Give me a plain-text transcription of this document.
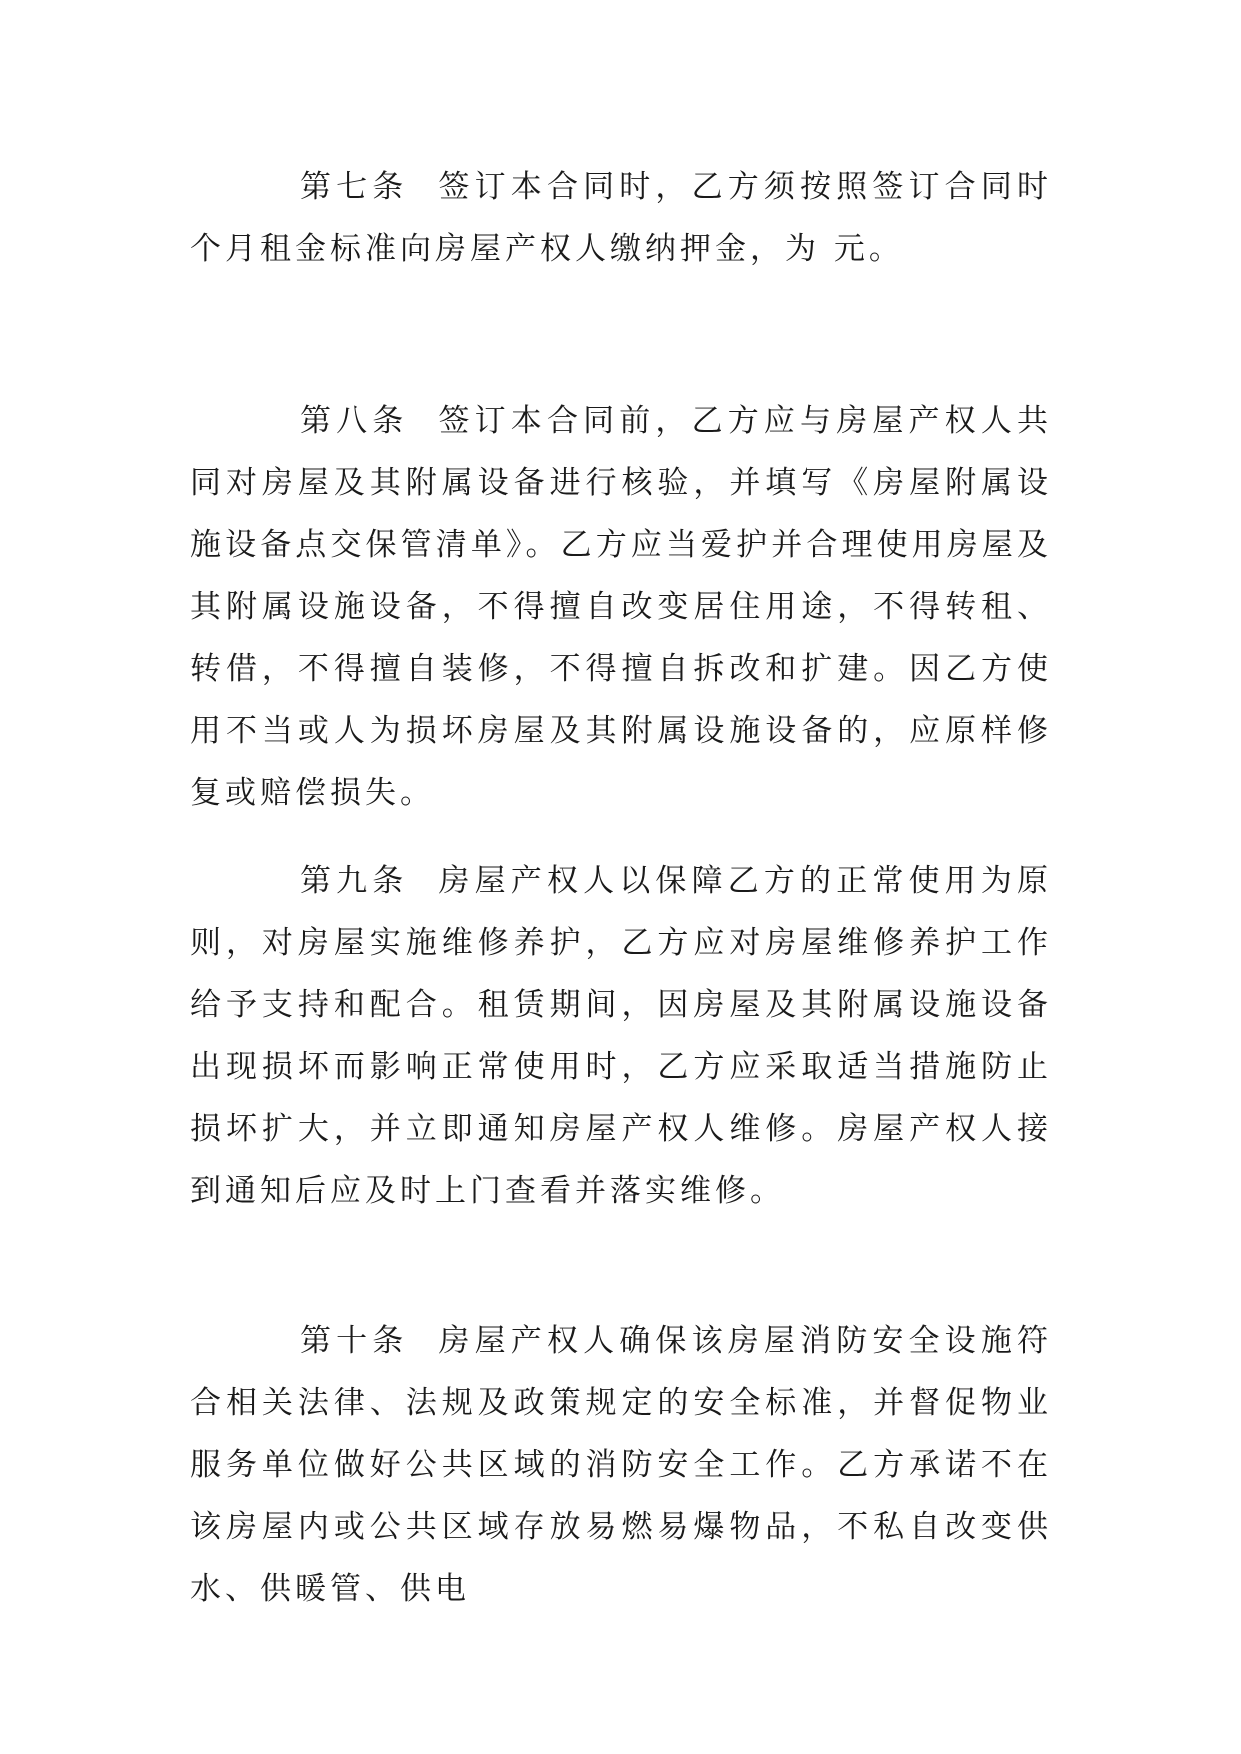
第七条 签订本合同时，乙方须按照签订合同时 个月租金标准向房屋产权人缴纳押金，为 元。

第八条 签订本合同前，乙方应与房屋产权人共同对房屋及其附属设备进行核验，并填写《房屋附属设施设备点交保管清单》。乙方应当爱护并合理使用房屋及其附属设施设备，不得擅自改变居住用途，不得转租、转借，不得擅自装修，不得擅自拆改和扩建。因乙方使用不当或人为损坏房屋及其附属设施设备的，应原样修复或赔偿损失。

第九条 房屋产权人以保障乙方的正常使用为原则，对房屋实施维修养护，乙方应对房屋维修养护工作给予支持和配合。租赁期间，因房屋及其附属设施设备出现损坏而影响正常使用时，乙方应采取适当措施防止损坏扩大，并立即通知房屋产权人维修。房屋产权人接到通知后应及时上门查看并落实维修。

第十条 房屋产权人确保该房屋消防安全设施符合相关法律、法规及政策规定的安全标准，并督促物业服务单位做好公共区域的消防安全工作。乙方承诺不在该房屋内或公共区域存放易燃易爆物品，不私自改变供水、供暖管、供电
